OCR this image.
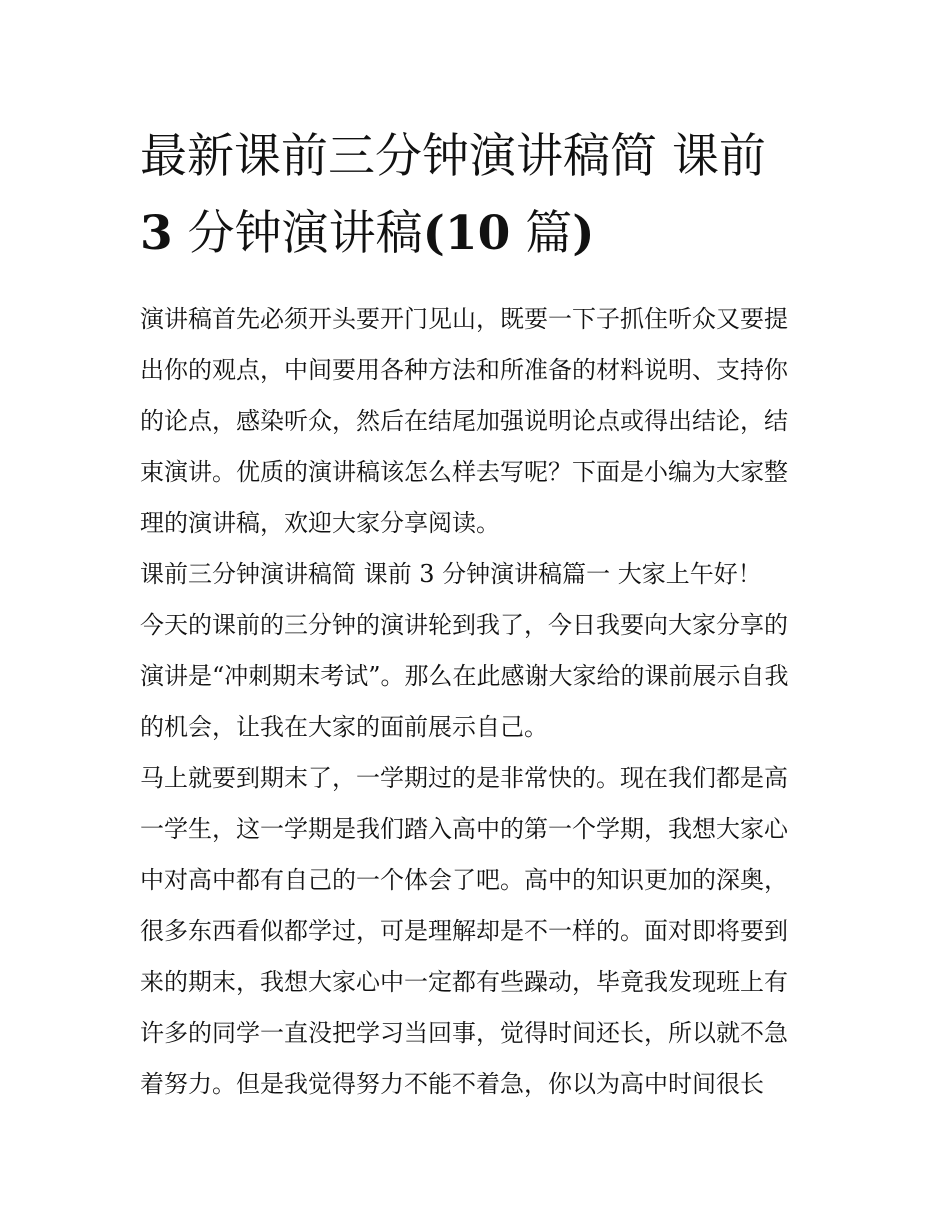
最新课前三分钟演讲稿简 课前
3 分钟演讲稿(10 篇)

演讲稿首先必须开头要开门见山，既要一下子抓住听众又要提
出你的观点，中间要用各种方法和所准备的材料说明、支持你
的论点，感染听众，然后在结尾加强说明论点或得出结论，结
束演讲。优质的演讲稿该怎么样去写呢？下面是小编为大家整
理的演讲稿，欢迎大家分享阅读。

课前三分钟演讲稿简 课前 3 分钟演讲稿篇一 大家上午好！

今天的课前的三分钟的演讲轮到我了，今日我要向大家分享的
演讲是“冲刺期末考试”。那么在此感谢大家给的课前展示自我
的机会，让我在大家的面前展示自己。

马上就要到期末了，一学期过的是非常快的。现在我们都是高
一学生，这一学期是我们踏入高中的第一个学期，我想大家心
中对高中都有自己的一个体会了吧。高中的知识更加的深奥，
很多东西看似都学过，可是理解却是不一样的。面对即将要到
来的期末，我想大家心中一定都有些躁动，毕竟我发现班上有
许多的同学一直没把学习当回事，觉得时间还长，所以就不急
着努力。但是我觉得努力不能不着急，你以为高中时间很长
